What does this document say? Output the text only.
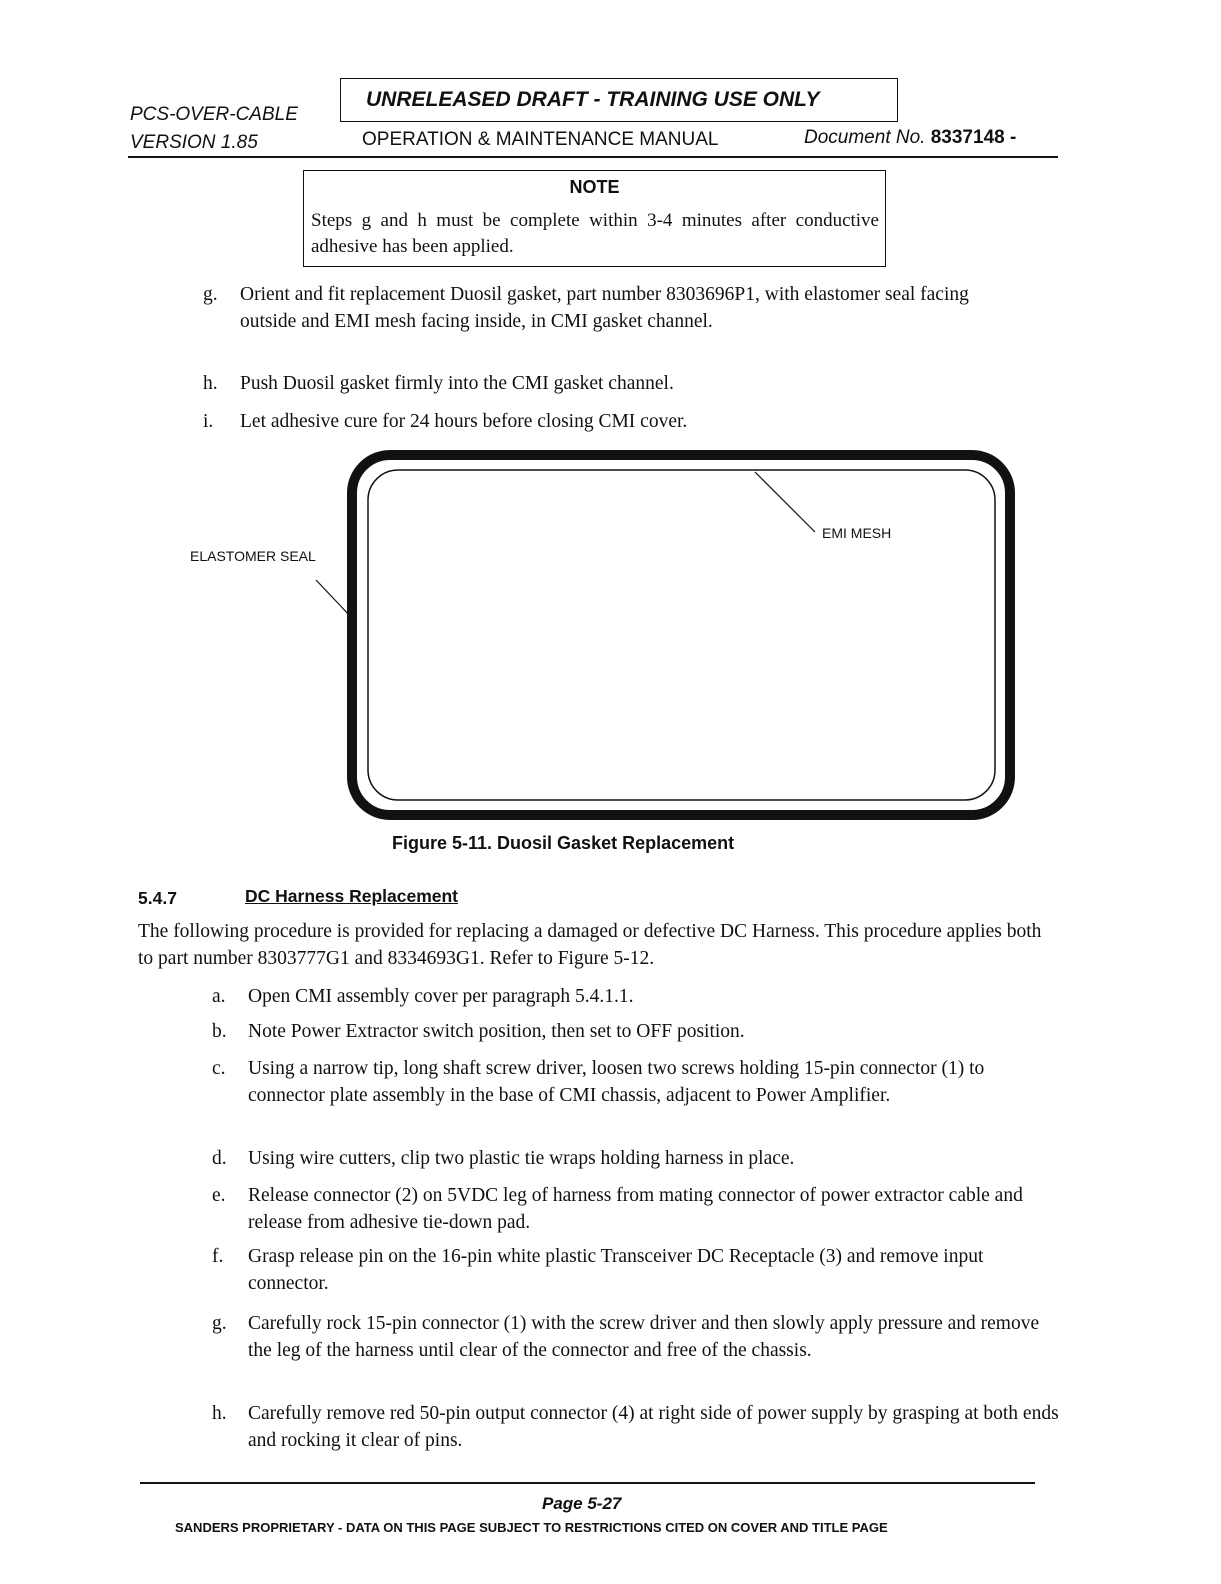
PCS-OVER-CABLE
VERSION 1.85
UNRELEASED DRAFT - TRAINING USE ONLY
OPERATION & MAINTENANCE MANUAL	Document No. 8337148 -
NOTE
Steps g and h must be complete within 3-4 minutes after conductive adhesive has been applied.
g. Orient and fit replacement Duosil gasket, part number 8303696P1, with elastomer seal facing outside and EMI mesh facing inside, in CMI gasket channel.
h. Push Duosil gasket firmly into the CMI gasket channel.
i. Let adhesive cure for 24 hours before closing CMI cover.
ELASTOMER SEAL
EMI MESH
Figure 5-11. Duosil Gasket Replacement
5.4.7	DC Harness Replacement
The following procedure is provided for replacing a damaged or defective DC Harness. This procedure applies both to part number 8303777G1 and 8334693G1. Refer to Figure 5-12.
a. Open CMI assembly cover per paragraph 5.4.1.1.
b. Note Power Extractor switch position, then set to OFF position.
c. Using a narrow tip, long shaft screw driver, loosen two screws holding 15-pin connector (1) to connector plate assembly in the base of CMI chassis, adjacent to Power Amplifier.
d. Using wire cutters, clip two plastic tie wraps holding harness in place.
e. Release connector (2) on 5VDC leg of harness from mating connector of power extractor cable and release from adhesive tie-down pad.
f. Grasp release pin on the 16-pin white plastic Transceiver DC Receptacle (3) and remove input connector.
g. Carefully rock 15-pin connector (1) with the screw driver and then slowly apply pressure and remove the leg of the harness until clear of the connector and free of the chassis.
h. Carefully remove red 50-pin output connector (4) at right side of power supply by grasping at both ends and rocking it clear of pins.
Page 5-27
SANDERS PROPRIETARY - DATA ON THIS PAGE SUBJECT TO RESTRICTIONS CITED ON COVER AND TITLE PAGE
